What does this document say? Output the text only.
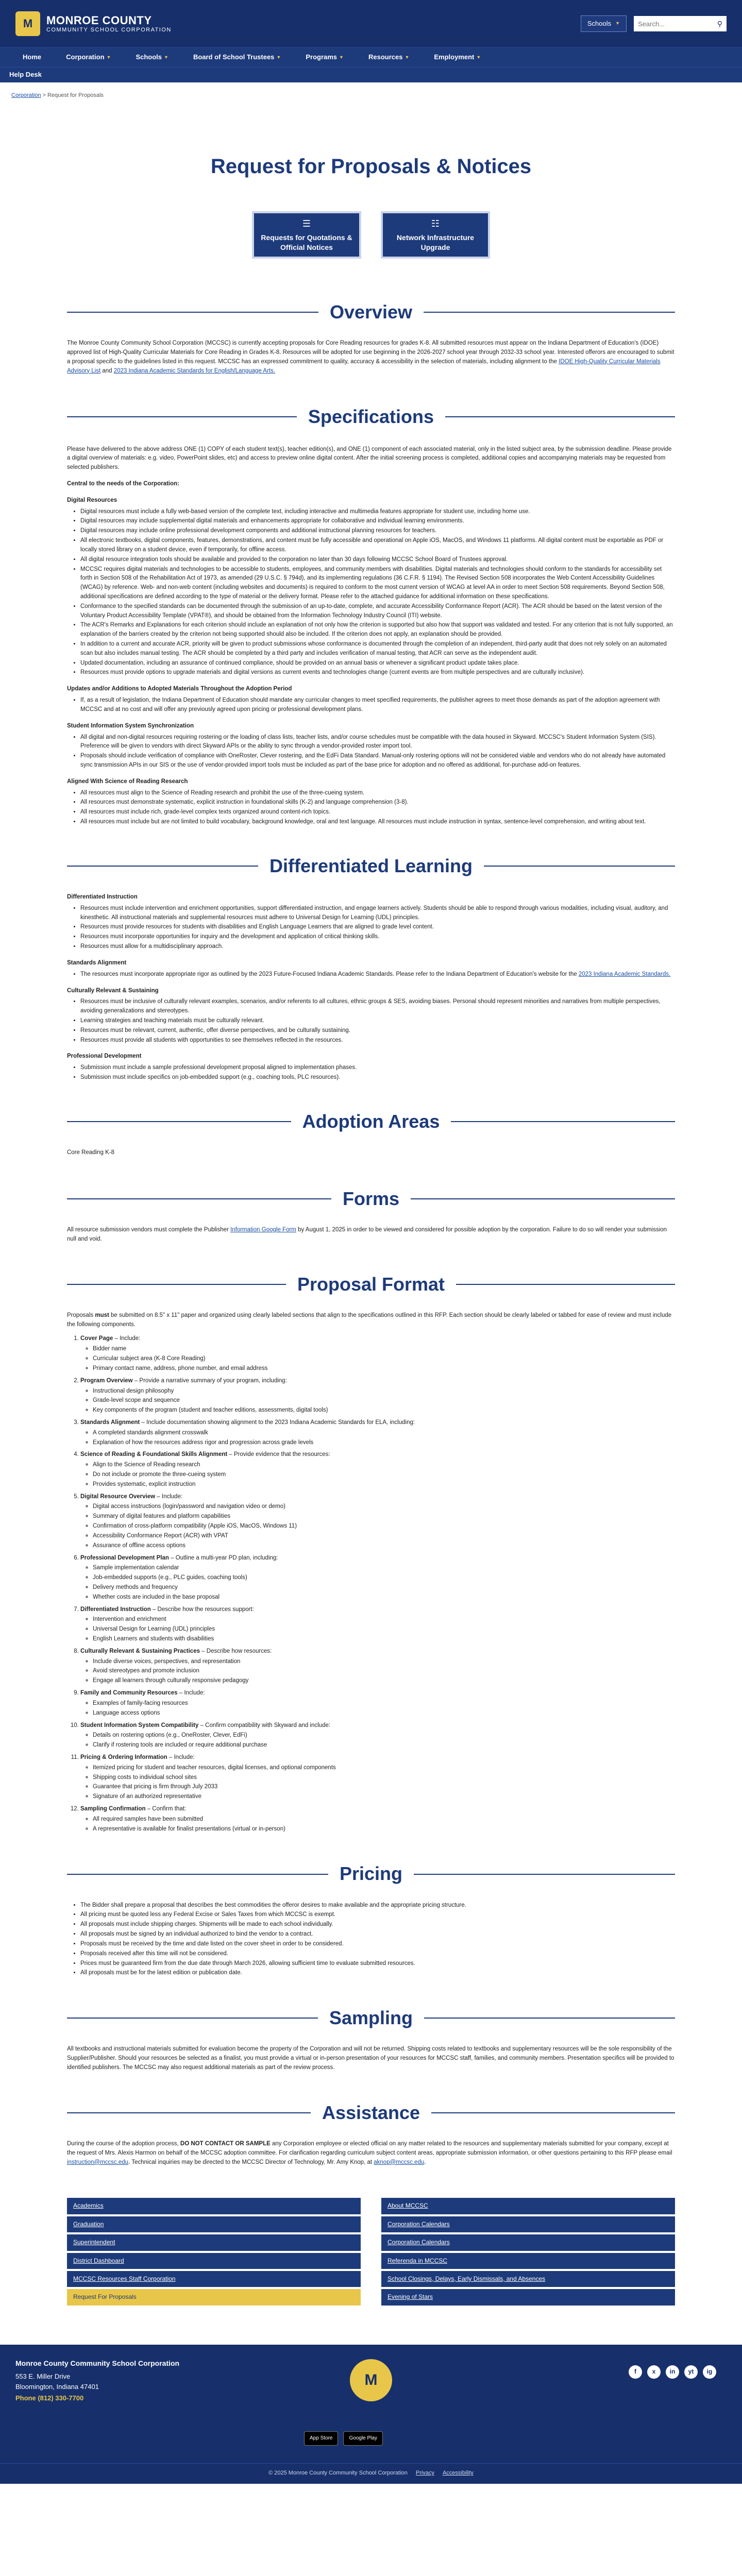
M	MONROE COUNTY
COMMUNITY SCHOOL CORPORATION
Schools ▼
Search...	⚲
Home	Corporation ▼	Schools ▼	Board of School Trustees ▼	Programs ▼	Resources ▼	Employment ▼
Help Desk
Corporation > Request for Proposals
Request for Proposals & Notices
☰
Requests for Quotations &
Official Notices
☷
Network Infrastructure
Upgrade
Overview

The Monroe County Community School Corporation (MCCSC) is currently accepting proposals for Core Reading resources for grades K-8. All submitted resources must appear on the Indiana Department of Education's (IDOE) approved list of High-Quality Curricular Materials for Core Reading in Grades K-8. Resources will be adopted for use beginning in the 2026-2027 school year through 2032-33 school year. Interested offerors are encouraged to submit a proposal specific to the guidelines listed in this request. MCCSC has an expressed commitment to quality, accuracy & accessibility in the selection of materials, including alignment to the IDOE High-Quality Curricular Materials Advisory List and 2023 Indiana Academic Standards for English/Language Arts.

Specifications

Please have delivered to the above address ONE (1) COPY of each student text(s), teacher edition(s), and ONE (1) component of each associated material, only in the listed subject area, by the submission deadline. Please provide a digital overview of materials: e.g. video, PowerPoint slides, etc) and access to preview online digital content. After the initial screening process is completed, additional copies and accompanying materials may be requested from selected publishers.

Central to the needs of the Corporation:
Digital Resources
• Digital resources must include a fully web-based version of the complete text, including interactive and multimedia features appropriate for student use, including home use.
• Digital resources may include supplemental digital materials and enhancements appropriate for collaborative and individual learning environments.
• Digital resources may include online professional development components and additional instructional planning resources for teachers.
• All electronic textbooks, digital components, features, demonstrations, and content must be fully accessible and operational on Apple iOS, MacOS, and Windows 11 platforms. All digital content must be exportable as PDF or locally stored library on a student device, even if temporarily, for offline access.
• All digital resource integration tools should be available and provided to the corporation no later than 30 days following MCCSC School Board of Trustees approval.
• MCCSC requires digital materials and technologies to be accessible to students, employees, and community members with disabilities. Digital materials and technologies should conform to the standards for accessibility set forth in Section 508 of the Rehabilitation Act of 1973, as amended (29 U.S.C. § 794d), and its implementing regulations (36 C.F.R. § 1194). The Revised Section 508 incorporates the Web Content Accessibility Guidelines (WCAG) by reference. Web- and non-web content (including websites and documents) is required to conform to the most current version of WCAG at level AA in order to meet Section 508 requirements. Beyond Section 508, additional specifications are defined according to the type of material or the delivery format. Please refer to the attached guidance for additional information on these specifications.
• Conformance to the specified standards can be documented through the submission of an up-to-date, complete, and accurate Accessibility Conformance Report (ACR). The ACR should be based on the latest version of the Voluntary Product Accessibility Template (VPAT®), and should be obtained from the Information Technology Industry Council (ITI) website.
• The ACR's Remarks and Explanations for each criterion should include an explanation of not only how the criterion is supported but also how that support was validated and tested. For any criterion that is not fully supported, an explanation of the barriers created by the criterion not being supported should also be included. If the criterion does not apply, an explanation should be provided.
• In addition to a current and accurate ACR, priority will be given to product submissions whose conformance is documented through the completion of an independent, third-party audit that does not rely solely on an automated scan but also includes manual testing. The ACR should be completed by a third party and includes verification of manual testing, that ACR can serve as the independent audit.
• Updated documentation, including an assurance of continued compliance, should be provided on an annual basis or whenever a significant product update takes place.
• Resources must provide options to upgrade materials and digital versions as current events and technologies change (current events are from multiple perspectives and are culturally inclusive).
Updates and/or Additions to Adopted Materials Throughout the Adoption Period
• If, as a result of legislation, the Indiana Department of Education should mandate any curricular changes to meet specified requirements, the publisher agrees to meet those demands as part of the adoption agreement with MCCSC and at no cost and will offer any previously agreed upon pricing or professional development plans.
Student Information System Synchronization
• All digital and non-digital resources requiring rostering or the loading of class lists, teacher lists, and/or course schedules must be compatible with the data housed in Skyward. MCCSC's Student Information System (SIS). Preference will be given to vendors with direct Skyward APIs or the ability to sync through a vendor-provided roster import tool.
• Proposals should include verification of compliance with OneRoster, Clever rostering, and the EdFi Data Standard. Manual-only rostering options will not be considered viable and vendors who do not already have automated sync transmission APIs in our SIS or the use of vendor-provided import tools must be included as part of the base price for adoption and no offered as additional, for-purchase add-on features.
Aligned With Science of Reading Research
• All resources must align to the Science of Reading research and prohibit the use of the three-cueing system.
• All resources must demonstrate systematic, explicit instruction in foundational skills (K-2) and language comprehension (3-8).
• All resources must include rich, grade-level complex texts organized around content-rich topics.
• All resources must include but are not limited to build vocabulary, background knowledge, oral and text language. All resources must include instruction in syntax, sentence-level comprehension, and writing about text.
Differentiated Learning
Differentiated Instruction
• Resources must include intervention and enrichment opportunities, support differentiated instruction, and engage learners actively. Students should be able to respond through various modalities, including visual, auditory, and kinesthetic. All instructional materials and supplemental resources must adhere to Universal Design for Learning (UDL) principles.
• Resources must provide resources for students with disabilities and English Language Learners that are aligned to grade level content.
• Resources must incorporate opportunities for inquiry and the development and application of critical thinking skills.
• Resources must allow for a multidisciplinary approach.
Standards Alignment
• The resources must incorporate appropriate rigor as outlined by the 2023 Future-Focused Indiana Academic Standards. Please refer to the Indiana Department of Education's website for the 2023 Indiana Academic Standards.
Culturally Relevant & Sustaining
• Resources must be inclusive of culturally relevant examples, scenarios, and/or referents to all cultures, ethnic groups & SES, avoiding biases. Personal should represent minorities and narratives from multiple perspectives, avoiding generalizations and stereotypes.
• Learning strategies and teaching materials must be culturally relevant.
• Resources must be relevant, current, authentic, offer diverse perspectives, and be culturally sustaining.
• Resources must provide all students with opportunities to see themselves reflected in the resources.
Professional Development
• Submission must include a sample professional development proposal aligned to implementation phases.
• Submission must include specifics on job-embedded support (e.g., coaching tools, PLC resources).
Adoption Areas

Core Reading K-8

Forms

All resource submission vendors must complete the Publisher Information Google Form by August 1, 2025 in order to be viewed and considered for possible adoption by the corporation. Failure to do so will render your submission null and void.

Proposal Format

Proposals must be submitted on 8.5" x 11" paper and organized using clearly labeled sections that align to the specifications outlined in this RFP. Each section should be clearly labeled or tabbed for ease of review and must include the following components.

1. Cover Page – Include:
◦ Bidder name
◦ Curricular subject area (K-8 Core Reading)
◦ Primary contact name, address, phone number, and email address
2. Program Overview – Provide a narrative summary of your program, including:
◦ Instructional design philosophy
◦ Grade-level scope and sequence
◦ Key components of the program (student and teacher editions, assessments, digital tools)
3. Standards Alignment – Include documentation showing alignment to the 2023 Indiana Academic Standards for ELA, including:
◦ A completed standards alignment crosswalk
◦ Explanation of how the resources address rigor and progression across grade levels
4. Science of Reading & Foundational Skills Alignment – Provide evidence that the resources:
◦ Align to the Science of Reading research
◦ Do not include or promote the three-cueing system
◦ Provides systematic, explicit instruction
5. Digital Resource Overview – Include:
◦ Digital access instructions (login/password and navigation video or demo)
◦ Summary of digital features and platform capabilities
◦ Confirmation of cross-platform compatibility (Apple iOS, MacOS, Windows 11)
◦ Accessibility Conformance Report (ACR) with VPAT
◦ Assurance of offline access options
6. Professional Development Plan – Outline a multi-year PD plan, including:
◦ Sample implementation calendar
◦ Job-embedded supports (e.g., PLC guides, coaching tools)
◦ Delivery methods and frequency
◦ Whether costs are included in the base proposal
7. Differentiated Instruction – Describe how the resources support:
◦ Intervention and enrichment
◦ Universal Design for Learning (UDL) principles
◦ English Learners and students with disabilities
8. Culturally Relevant & Sustaining Practices – Describe how resources:
◦ Include diverse voices, perspectives, and representation
◦ Avoid stereotypes and promote inclusion
◦ Engage all learners through culturally responsive pedagogy
9. Family and Community Resources – Include:
◦ Examples of family-facing resources
◦ Language access options
10. Student Information System Compatibility – Confirm compatibility with Skyward and include:
◦ Details on rostering options (e.g., OneRoster, Clever, EdFi)
◦ Clarify if rostering tools are included or require additional purchase
11. Pricing & Ordering Information – Include:
◦ Itemized pricing for student and teacher resources, digital licenses, and optional components
◦ Shipping costs to individual school sites
◦ Guarantee that pricing is firm through July 2033
◦ Signature of an authorized representative
12. Sampling Confirmation – Confirm that:
◦ All required samples have been submitted
◦ A representative is available for finalist presentations (virtual or in-person)
Pricing
• The Bidder shall prepare a proposal that describes the best commodities the offeror desires to make available and the appropriate pricing structure.
• All pricing must be quoted less any Federal Excise or Sales Taxes from which MCCSC is exempt.
• All proposals must include shipping charges. Shipments will be made to each school individually.
• All proposals must be signed by an individual authorized to bind the vendor to a contract.
• Proposals must be received by the time and date listed on the cover sheet in order to be considered.
• Proposals received after this time will not be considered.
• Prices must be guaranteed firm from the due date through March 2026, allowing sufficient time to evaluate submitted resources.
• All proposals must be for the latest edition or publication date.
Sampling

All textbooks and instructional materials submitted for evaluation become the property of the Corporation and will not be returned. Shipping costs related to textbooks and supplementary resources will be the sole responsibility of the Supplier/Publisher. Should your resources be selected as a finalist, you must provide a virtual or in-person presentation of your resources for MCCSC staff, families, and community members. Presentation specifics will be provided to identified publishers. The MCCSC may also request additional materials as part of the review process.

Assistance

During the course of the adoption process, DO NOT CONTACT OR SAMPLE any Corporation employee or elected official on any matter related to the resources and supplementary materials submitted for your company, except at the request of Mrs. Alexis Harmon on behalf of the MCCSC adoption committee. For clarification regarding curriculum subject content areas, appropriate submission information, or other questions pertaining to this RFP please email instruction@mccsc.edu. Technical inquiries may be directed to the MCCSC Director of Technology, Mr. Amy Knop, at aknop@mccsc.edu.

Academics
Graduation
Superintendent
District Dashboard
MCCSC Resources Staff Corporation
Request For Proposals
About MCCSC
Corporation Calendars
Corporation Calendars
Referenda in MCCSC
School Closings, Delays, Early Dismissals, and Absences
Evening of Stars
Monroe County Community School Corporation
553 E. Miller Drive
Bloomington, Indiana 47401
Phone (812) 330-7700
M	f	x	in	yt	ig
App Store	Google Play
© 2025 Monroe County Community School Corporation Privacy Accessibility
